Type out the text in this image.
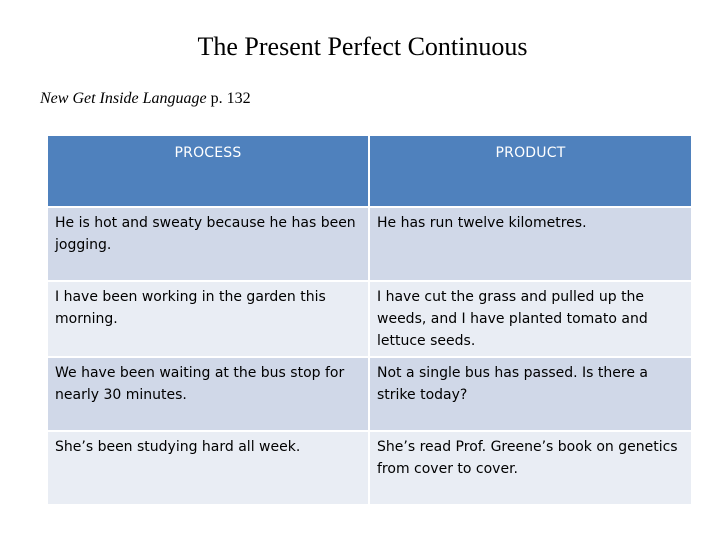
The Present Perfect Continuous
New Get Inside Language p. 132
PROCESS	PRODUCT
He is hot and sweaty because he has been jogging.	He has run twelve kilometres.
I have been working in the garden this morning.	I have cut the grass and pulled up the weeds, and I have planted tomato and lettuce seeds.
We have been waiting at the bus stop for nearly 30 minutes.	Not a single bus has passed. Is there a strike today?
She’s been studying hard all week.	She’s read Prof. Greene’s book on genetics from cover to cover.
